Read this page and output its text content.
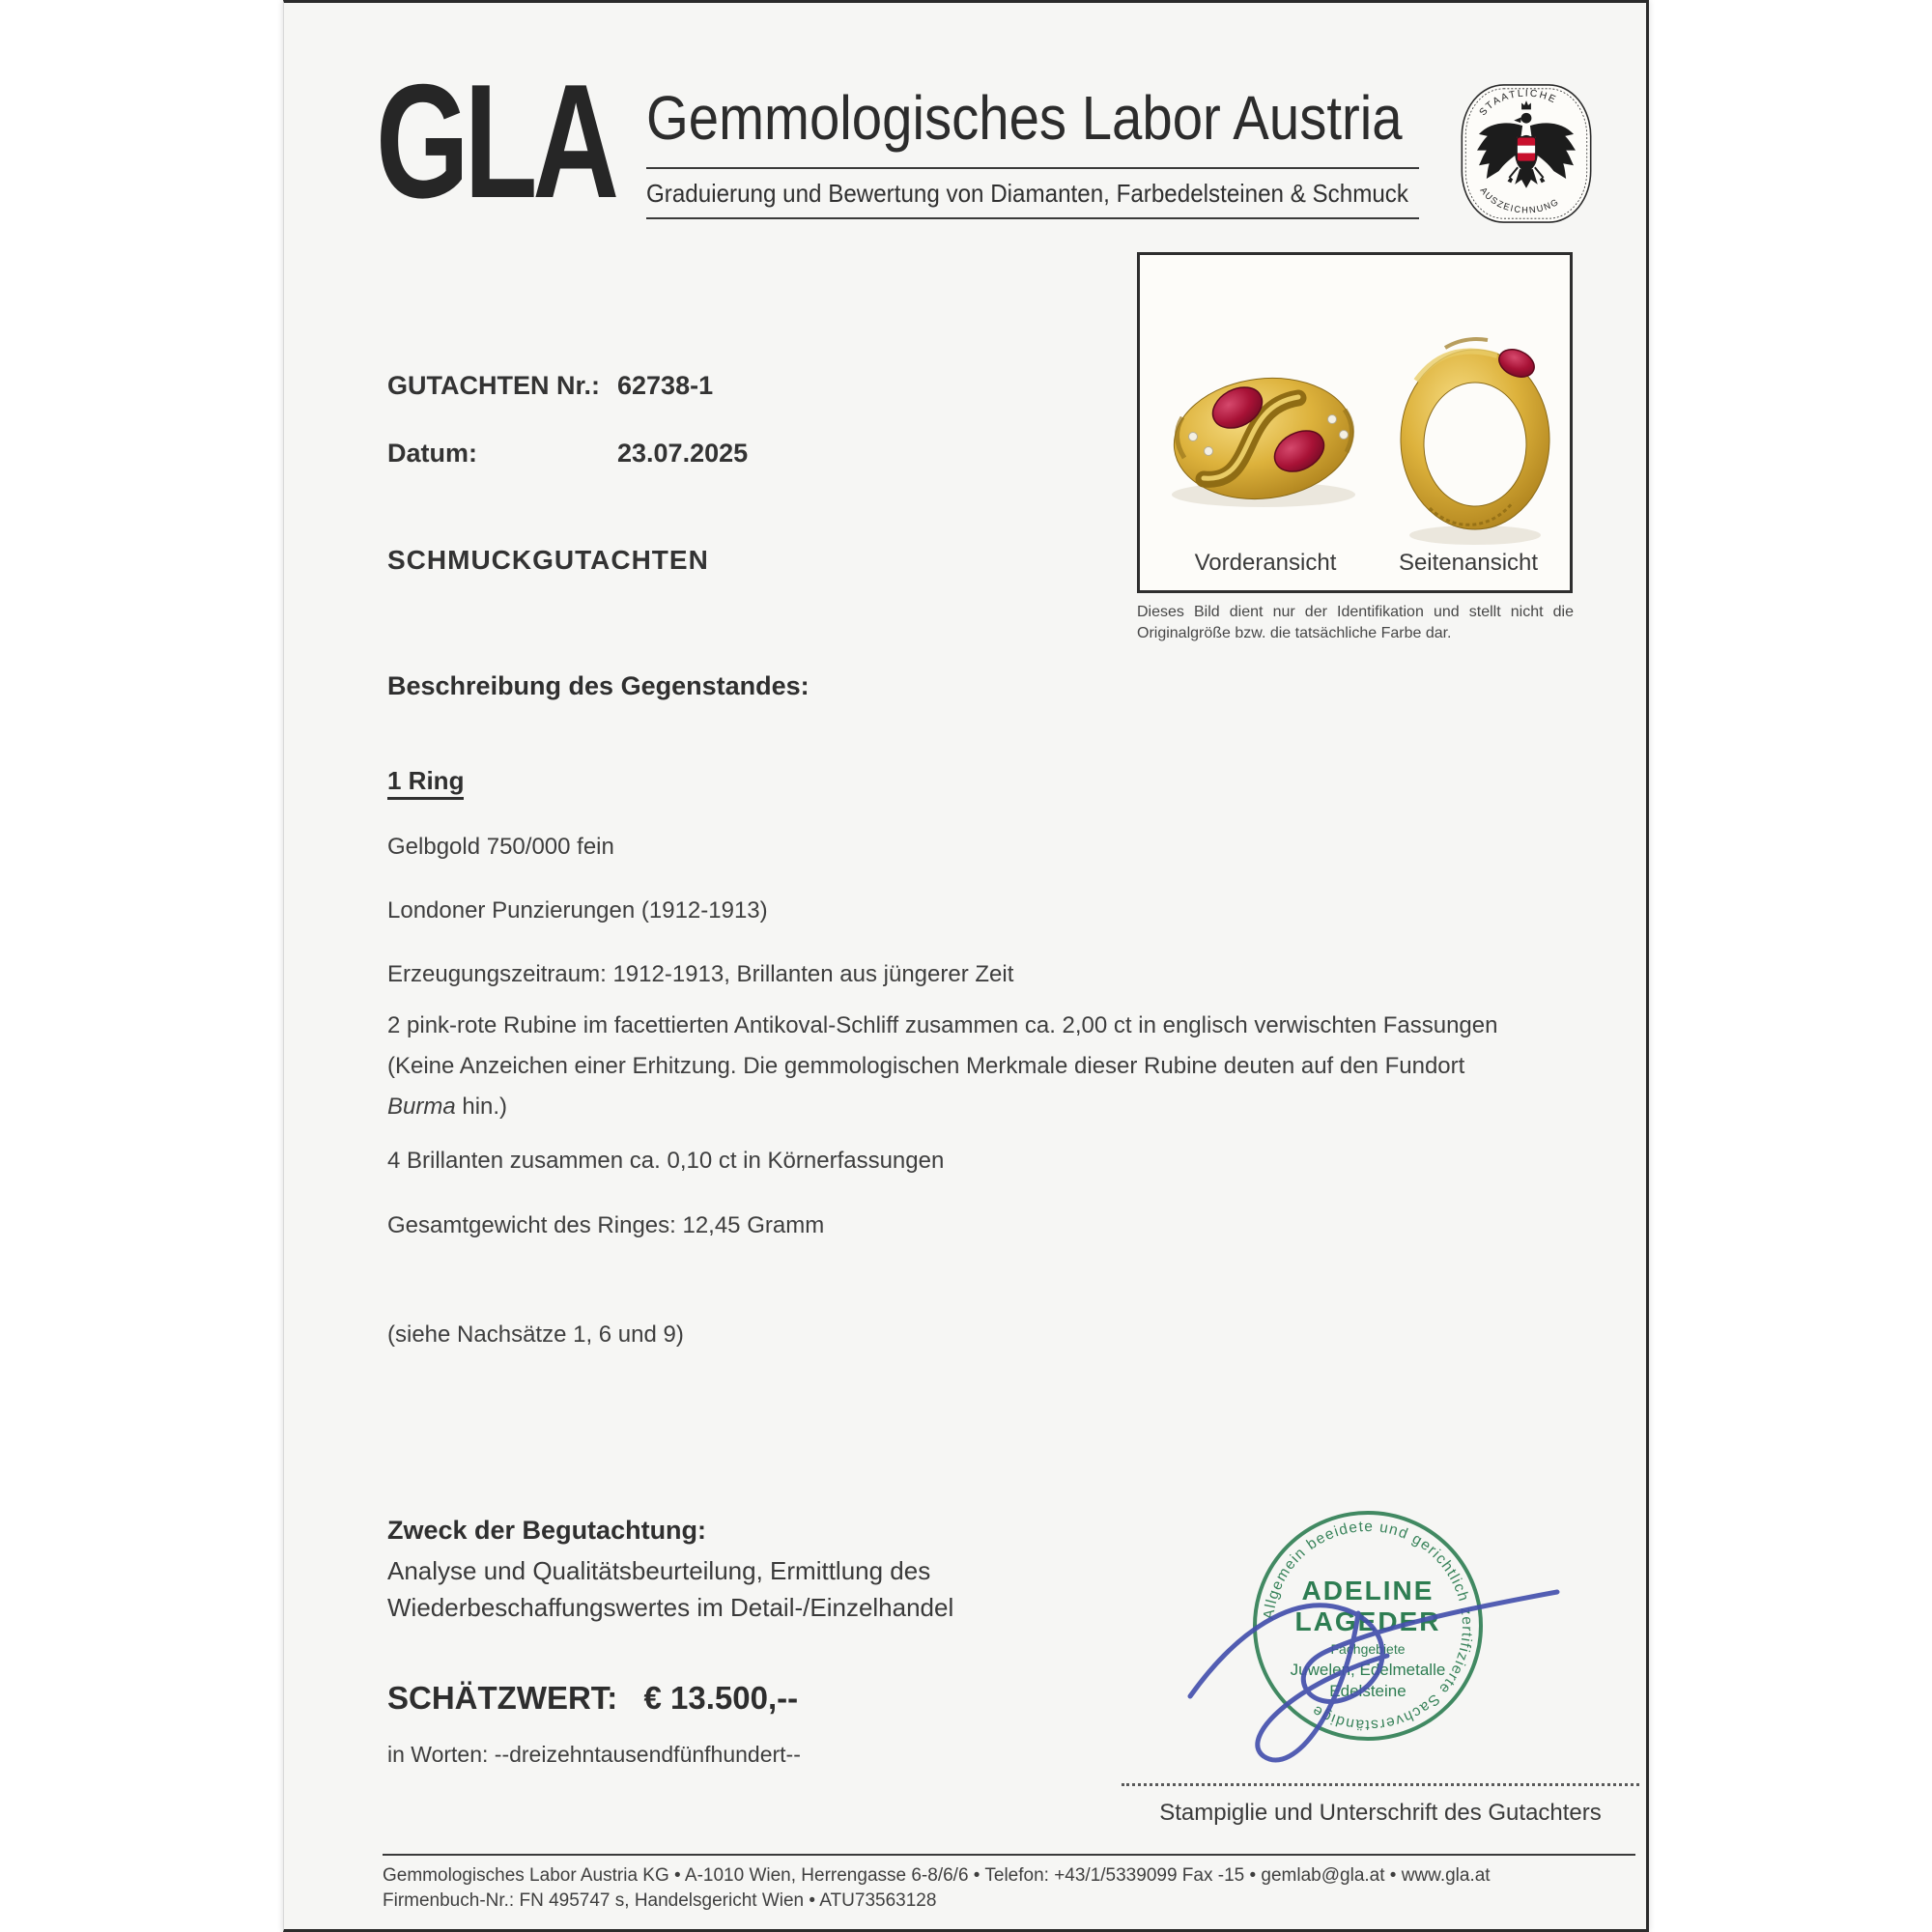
GLA Gemmologisches Labor Austria
Graduierung und Bewertung von Diamanten, Farbedelsteinen & Schmuck
STAATLICHE
AUSZEICHNUNG
GUTACHTEN Nr.: 62738-1
Datum:	23.07.2025
SCHMUCKGUTACHTEN	Vorderansicht	Seitenansicht
Dieses Bild dient nur der Identifikation und stellt nicht die Originalgröße bzw. die tatsächliche Farbe dar.
Beschreibung des Gegenstandes:
1 Ring
Gelbgold 750/000 fein
Londoner Punzierungen (1912-1913)
Erzeugungszeitraum: 1912-1913, Brillanten aus jüngerer Zeit
2 pink-rote Rubine im facettierten Antikoval-Schliff zusammen ca. 2,00 ct in englisch verwischten Fassungen (Keine Anzeichen einer Erhitzung. Die gemmologischen Merkmale dieser Rubine deuten auf den Fundort Burma hin.)
4 Brillanten zusammen ca. 0,10 ct in Körnerfassungen
Gesamtgewicht des Ringes: 12,45 Gramm
(siehe Nachsätze 1, 6 und 9)
Zweck der Begutachtung:
Analyse und Qualitätsbeurteilung, Ermittlung des
Wiederbeschaffungswertes im Detail-/Einzelhandel
SCHÄTZWERT: € 13.500,--
in Worten: --dreizehntausendfünfhundert--
Allgemein beeidete und gerichtlich zertifizierte Sachverständige
ADELINE
LAGEDER
Fachgebiete
Juwelen, Edelmetalle
Edelsteine
Stampiglie und Unterschrift des Gutachters
Gemmologisches Labor Austria KG • A-1010 Wien, Herrengasse 6-8/6/6 • Telefon: +43/1/5339099 Fax -15 • gemlab@gla.at • www.gla.at
Firmenbuch-Nr.: FN 495747 s, Handelsgericht Wien • ATU73563128
